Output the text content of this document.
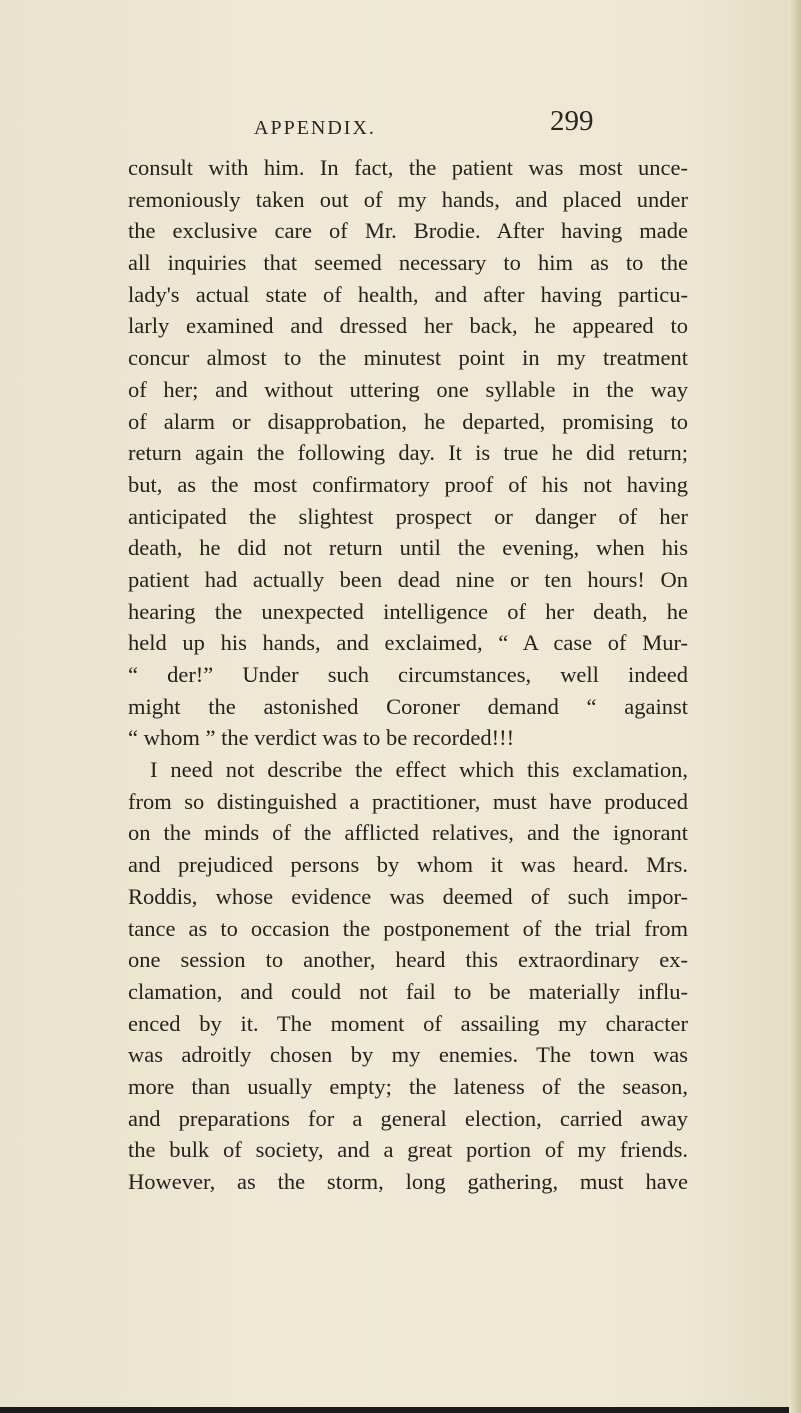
APPENDIX.	299
consult with him. In fact, the patient was most unce-
remoniously taken out of my hands, and placed under
the exclusive care of Mr. Brodie. After having made
all inquiries that seemed necessary to him as to the
lady's actual state of health, and after having particu-
larly examined and dressed her back, he appeared to
concur almost to the minutest point in my treatment
of her; and without uttering one syllable in the way
of alarm or disapprobation, he departed, promising to
return again the following day. It is true he did return;
but, as the most confirmatory proof of his not having
anticipated the slightest prospect or danger of her
death, he did not return until the evening, when his
patient had actually been dead nine or ten hours! On
hearing the unexpected intelligence of her death, he
held up his hands, and exclaimed, “ A case of Mur-
“ der!” Under such circumstances, well indeed
might the astonished Coroner demand “ against
“ whom ” the verdict was to be recorded!!!
I need not describe the effect which this exclamation,
from so distinguished a practitioner, must have produced
on the minds of the afflicted relatives, and the ignorant
and prejudiced persons by whom it was heard. Mrs.
Roddis, whose evidence was deemed of such impor-
tance as to occasion the postponement of the trial from
one session to another, heard this extraordinary ex-
clamation, and could not fail to be materially influ-
enced by it. The moment of assailing my character
was adroitly chosen by my enemies. The town was
more than usually empty; the lateness of the season,
and preparations for a general election, carried away
the bulk of society, and a great portion of my friends.
However, as the storm, long gathering, must have
